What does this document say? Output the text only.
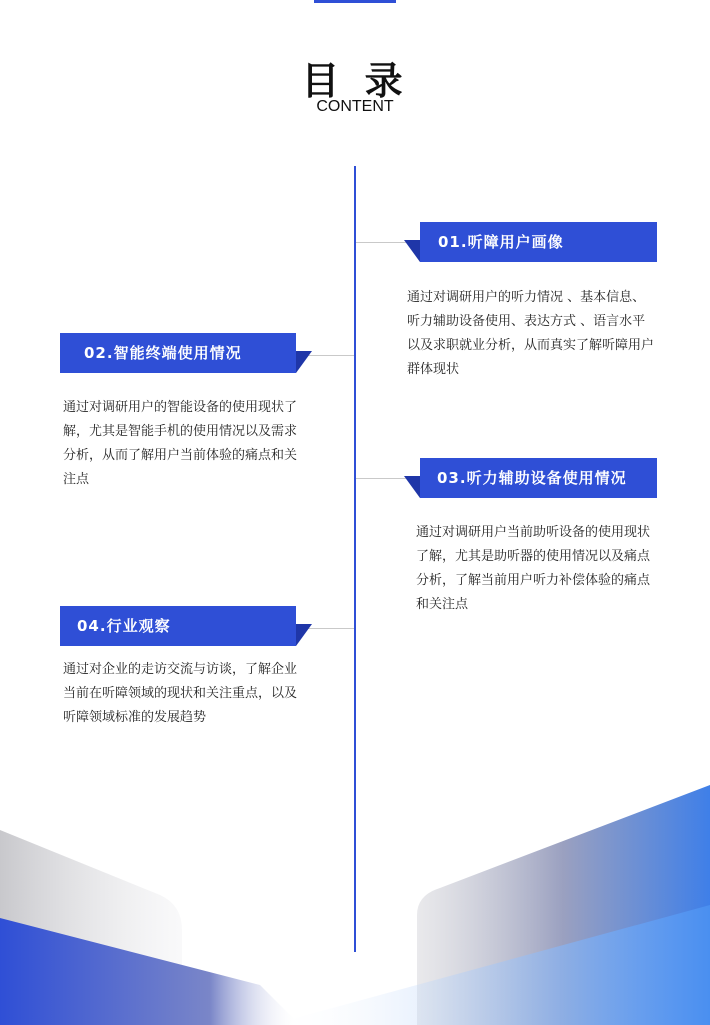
目 录
CONTENT
01.听障用户画像
通过对调研用户的听力情况 、基本信息、听力辅助设备使用、表达方式 、语言水平以及求职就业分析，从而真实了解听障用户群体现状
02.智能终端使用情况
通过对调研用户的智能设备的使用现状了解，尤其是智能手机的使用情况以及需求分析，从而了解用户当前体验的痛点和关注点	03.听力辅助设备使用情况
通过对调研用户当前助听设备的使用现状了解，尤其是助听器的使用情况以及痛点分析，了解当前用户听力补偿体验的痛点和关注点
04.行业观察
通过对企业的走访交流与访谈，了解企业当前在听障领域的现状和关注重点，以及听障领域标准的发展趋势
